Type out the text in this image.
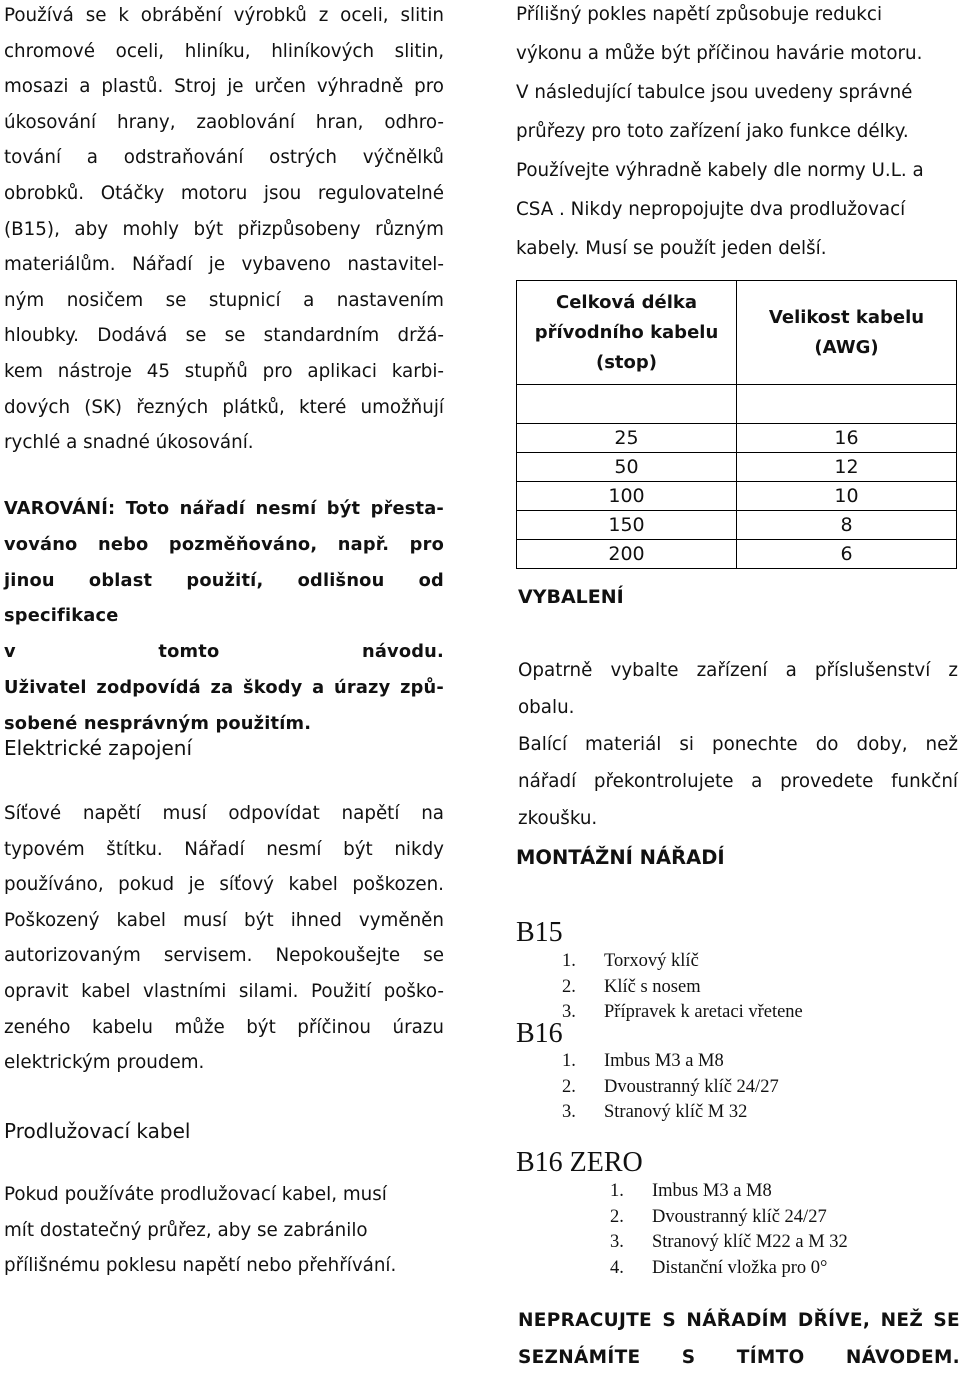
Používá se k obrábění výrobků z oceli, slitin
chromové oceli, hliníku, hliníkových slitin,
mosazi a plastů. Stroj je určen výhradně pro
úkosování hrany, zaoblování hran, odhro-
tování a odstraňování ostrých výčnělků
obrobků. Otáčky motoru jsou regulovatelné
(B15), aby mohly být přizpůsobeny různým
materiálům. Nářadí je vybaveno nastavitel-
ným nosičem se stupnicí a nastavením
hloubky. Dodává se se standardním držá-
kem nástroje 45 stupňů pro aplikaci karbi-
dových (SK) řezných plátků, které umožňují
rychlé a snadné úkosování.
VAROVÁNÍ: Toto nářadí nesmí být přesta-
vováno nebo pozměňováno, např. pro
jinou oblast použití, odlišnou od specifikace
v tomto návodu.
Uživatel zodpovídá za škody a úrazy způ-
sobené nesprávným použitím.
Elektrické zapojení
Síťové napětí musí odpovídat napětí na
typovém štítku. Nářadí nesmí být nikdy
používáno, pokud je síťový kabel poškozen.
Poškozený kabel musí být ihned vyměněn
autorizovaným servisem. Nepokoušejte se
opravit kabel vlastními silami. Použití poško-
zeného kabelu může být příčinou úrazu
elektrickým proudem.
Prodlužovací kabel
Pokud používáte prodlužovací kabel, musí
mít dostatečný průřez, aby se zabránilo
přílišnému poklesu napětí nebo přehřívání.
Přílišný pokles napětí způsobuje redukci
výkonu a může být příčinou havárie motoru.
V následující tabulce jsou uvedeny správné
průřezy pro toto zařízení jako funkce délky.
Používejte výhradně kabely dle normy U.L. a
CSA . Nikdy nepropojujte dva prodlužovací
kabely. Musí se použít jeden delší.
Celková délka přívodního kabelu (stop)	Velikost kabelu (AWG)

25	16
50	12
100	10
150	8
200	6
VYBALENÍ
Opatrně vybalte zařízení a příslušenství z
obalu.
Balící materiál si ponechte do doby, než
nářadí překontrolujete a provedete funkční
zkoušku.
MONTÁŽNÍ NÁŘADÍ

B15

1. Torxový klíč
2. Klíč s nosem
3. Přípravek k aretaci vřetene

B16

1. Imbus M3 a M8
2. Dvoustranný klíč 24/27
3. Stranový klíč M 32

B16 ZERO

1. Imbus M3 a M8
2. Dvoustranný klíč 24/27
3. Stranový klíč M22 a M 32
4. Distanční vložka pro 0°
NEPRACUJTE S NÁŘADÍM DŘÍVE, NEŽ SE
SEZNÁMÍTE S TÍMTO NÁVODEM.
